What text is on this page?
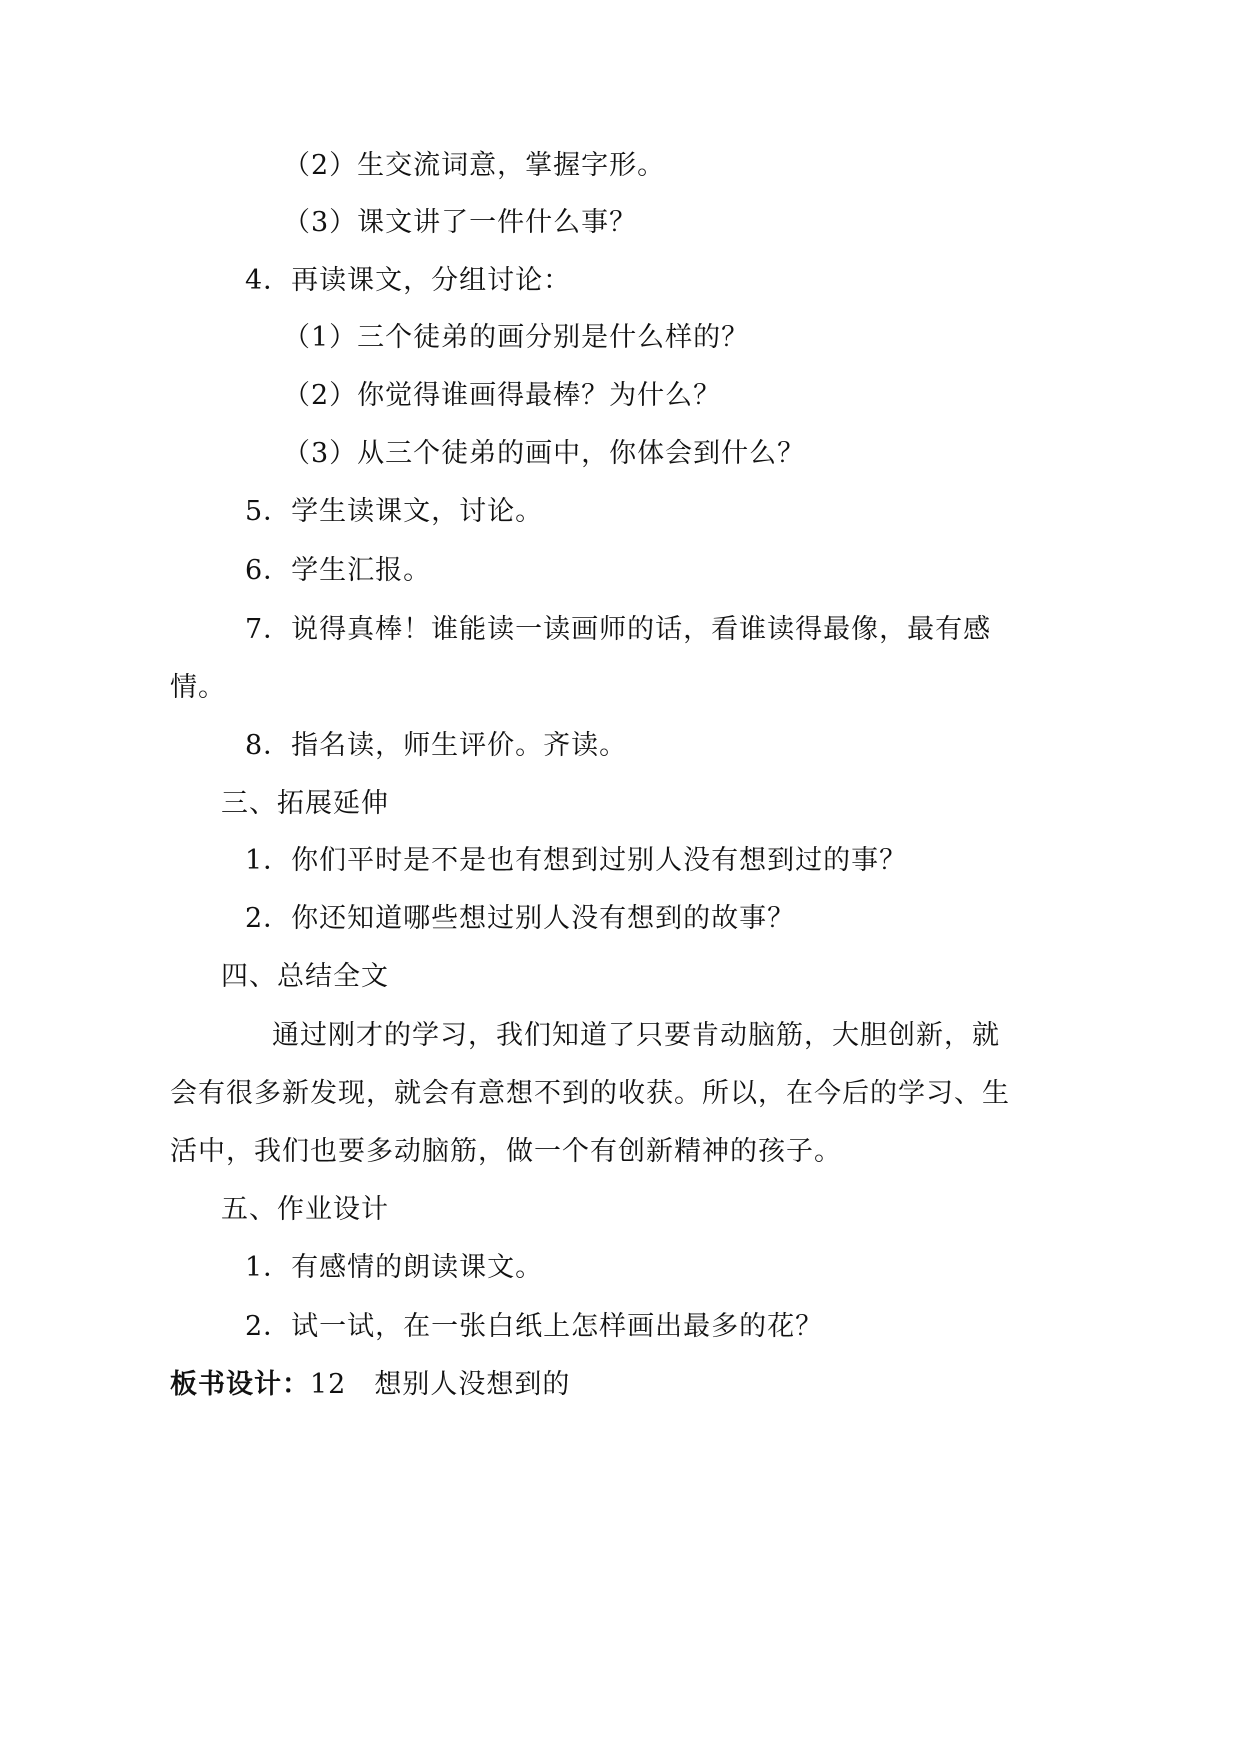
（2）生交流词意，掌握字形。
（3）课文讲了一件什么事？
4．再读课文，分组讨论：
（1）三个徒弟的画分别是什么样的？
（2）你觉得谁画得最棒？为什么？
（3）从三个徒弟的画中，你体会到什么？
5．学生读课文，讨论。
6．学生汇报。
7．说得真棒！谁能读一读画师的话，看谁读得最像，最有感
情。
8．指名读，师生评价。齐读。
三、拓展延伸
1．你们平时是不是也有想到过别人没有想到过的事？
2．你还知道哪些想过别人没有想到的故事？
四、总结全文
通过刚才的学习，我们知道了只要肯动脑筋，大胆创新，就
会有很多新发现，就会有意想不到的收获。所以，在今后的学习、生
活中，我们也要多动脑筋，做一个有创新精神的孩子。
五、作业设计
1．有感情的朗读课文。
2．试一试，在一张白纸上怎样画出最多的花？
板书设计：12　想别人没想到的
